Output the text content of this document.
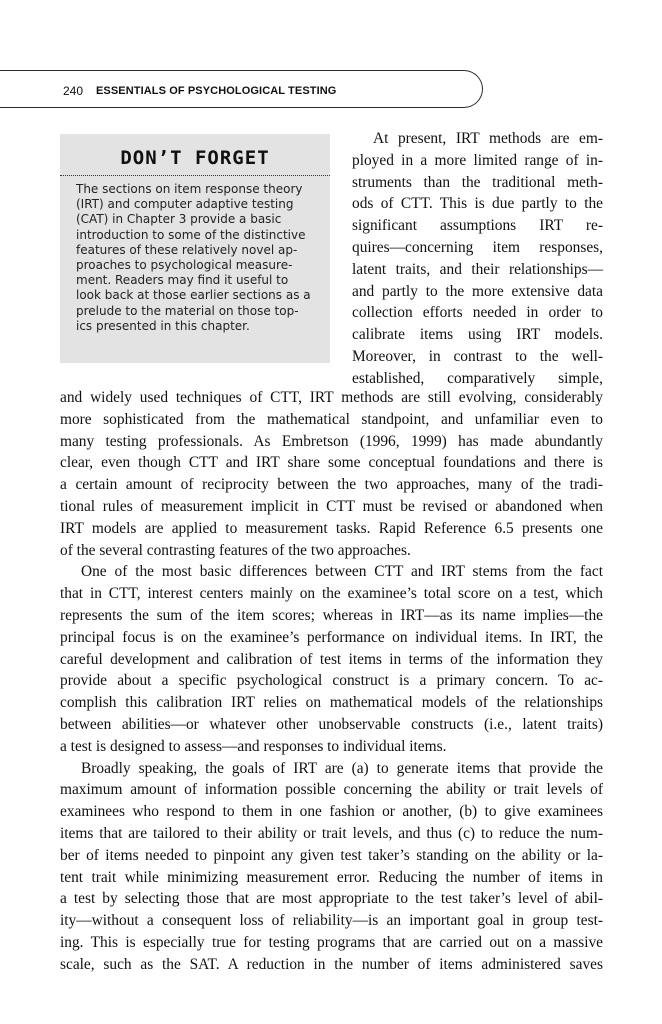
240 ESSENTIALS OF PSYCHOLOGICAL TESTING
DON’T FORGET
The sections on item response theory
(IRT) and computer adaptive testing
(CAT) in Chapter 3 provide a basic
introduction to some of the distinctive
features of these relatively novel ap-
proaches to psychological measure-
ment. Readers may find it useful to
look back at those earlier sections as a
prelude to the material on those top-
ics presented in this chapter.
At present, IRT methods are em-
ployed in a more limited range of in-
struments than the traditional meth-
ods of CTT. This is due partly to the
significant assumptions IRT re-
quires—concerning item responses,
latent traits, and their relationships—
and partly to the more extensive data
collection efforts needed in order to
calibrate items using IRT models.
Moreover, in contrast to the well-
established, comparatively simple,
and widely used techniques of CTT, IRT methods are still evolving, considerably
more sophisticated from the mathematical standpoint, and unfamiliar even to
many testing professionals. As Embretson (1996, 1999) has made abundantly
clear, even though CTT and IRT share some conceptual foundations and there is
a certain amount of reciprocity between the two approaches, many of the tradi-
tional rules of measurement implicit in CTT must be revised or abandoned when
IRT models are applied to measurement tasks. Rapid Reference 6.5 presents one
of the several contrasting features of the two approaches.
One of the most basic differences between CTT and IRT stems from the fact
that in CTT, interest centers mainly on the examinee’s total score on a test, which
represents the sum of the item scores; whereas in IRT—as its name implies—the
principal focus is on the examinee’s performance on individual items. In IRT, the
careful development and calibration of test items in terms of the information they
provide about a specific psychological construct is a primary concern. To ac-
complish this calibration IRT relies on mathematical models of the relationships
between abilities—or whatever other unobservable constructs (i.e., latent traits)
a test is designed to assess—and responses to individual items.
Broadly speaking, the goals of IRT are (a) to generate items that provide the
maximum amount of information possible concerning the ability or trait levels of
examinees who respond to them in one fashion or another, (b) to give examinees
items that are tailored to their ability or trait levels, and thus (c) to reduce the num-
ber of items needed to pinpoint any given test taker’s standing on the ability or la-
tent trait while minimizing measurement error. Reducing the number of items in
a test by selecting those that are most appropriate to the test taker’s level of abil-
ity—without a consequent loss of reliability—is an important goal in group test-
ing. This is especially true for testing programs that are carried out on a massive
scale, such as the SAT. A reduction in the number of items administered saves
